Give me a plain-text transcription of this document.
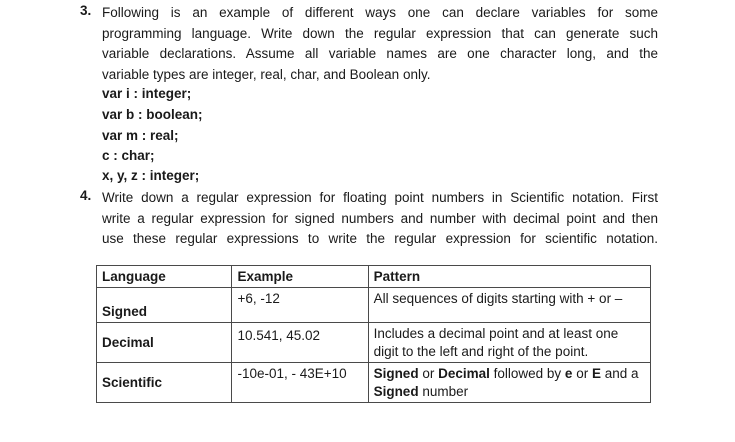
3. Following is an example of different ways one can declare variables for some
programming language. Write down the regular expression that can generate such
variable declarations. Assume all variable names are one character long, and the
variable types are integer, real, char, and Boolean only.
var i : integer;
var b : boolean;
var m : real;
c : char;
x, y, z : integer;
4. Write down a regular expression for floating point numbers in Scientific notation. First
write a regular expression for signed numbers and number with decimal point and then
use these regular expressions to write the regular expression for scientific notation.
Language	Example	Pattern
Signed	+6, -12	All sequences of digits starting with + or –
Decimal	10.541, 45.02	Includes a decimal point and at least one
digit to the left and right of the point.
Scientific	-10e-01, - 43E+10	Signed or Decimal followed by e or E and a
Signed number
